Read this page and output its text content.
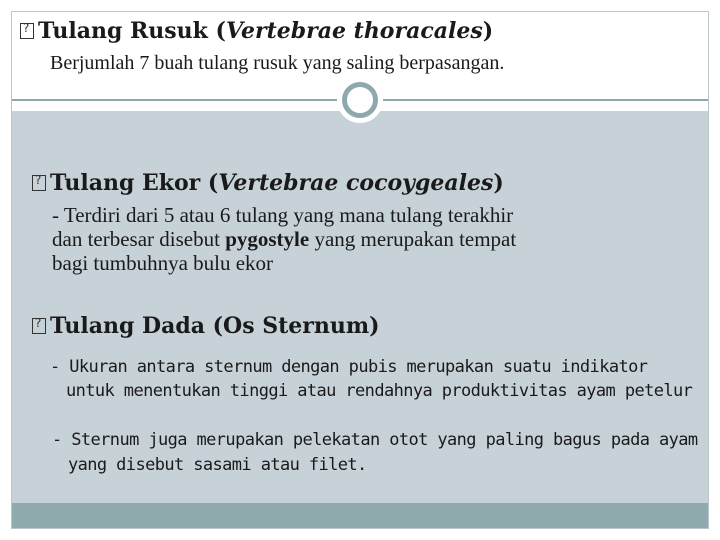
?Tulang Rusuk (Vertebrae thoracales)
Berjumlah 7 buah tulang rusuk yang saling berpasangan.
?Tulang Ekor (Vertebrae cocoygeales)
- Terdiri dari 5 atau 6 tulang yang mana tulang terakhir
dan terbesar disebut pygostyle yang merupakan tempat
bagi tumbuhnya bulu ekor
?Tulang Dada (Os Sternum)
- Ukuran antara sternum dengan pubis merupakan suatu indikator
untuk menentukan tinggi atau rendahnya produktivitas ayam petelur
- Sternum juga merupakan pelekatan otot yang paling bagus pada ayam
yang disebut sasami atau filet.
